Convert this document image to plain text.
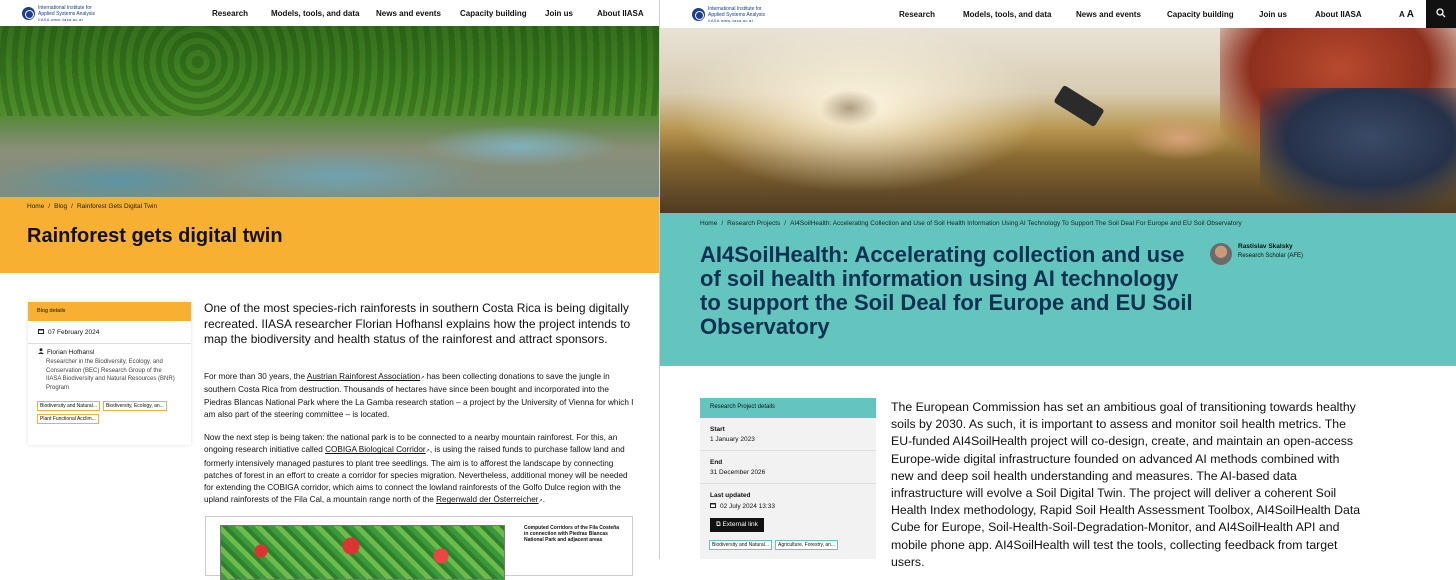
International Institute for
Applied Systems Analysis
IIASA www.iiasa.ac.at
Research	Models, tools, and data News and events Capacity building Join us	About IIASA
Home / Blog / Rainforest Gets Digital Twin
Rainforest gets digital twin
Blog details
07 February 2024
Florian Hofhansl
Researcher in the Biodiversity, Ecology, and Conservation (BEC) Research Group of the IIASA Biodiversity and Natural Resources (BNR) Program
Biodiversity and Natural...	Biodiversity, Ecology, an...
Plant Functional Acclim...
One of the most species-rich rainforests in southern Costa Rica is being digitally recreated. IIASA researcher Florian Hofhansl explains how the project intends to map the biodiversity and health status of the rainforest and attract sponsors.
For more than 30 years, the Austrian Rainforest Association↗ has been collecting donations to save the jungle in southern Costa Rica from destruction. Thousands of hectares have since been bought and incorporated into the Piedras Blancas National Park where the La Gamba research station – a project by the University of Vienna for which I am also part of the steering committee – is located.
Now the next step is being taken: the national park is to be connected to a nearby mountain rainforest. For this, an ongoing research initiative called COBIGA Biological Corridor↗, is using the raised funds to purchase fallow land and formerly intensively managed pastures to plant tree seedlings. The aim is to afforest the landscape by connecting patches of forest in an effort to create a corridor for species migration. Nevertheless, additional money will be needed for extending the COBIGA corridor, which aims to connect the lowland rainforests of the Golfo Dulce region with the upland rainforests of the Fila Cal, a mountain range north of the Regenwald der Österreicher↗.
Computed Corridors of the Fila Costeña in connection with Piedras Blancas National Park and adjacent areas
International Institute for
Applied Systems Analysis
IIASA www.iiasa.ac.at
Research	Models, tools, and data	News and events	Capacity building	Join us	About IIASA	A A
Home / Research Projects / AI4SoilHealth: Accelerating Collection and Use of Soil Health Information Using AI Technology To Support The Soil Deal For Europe and EU Soil Observatory
AI4SoilHealth: Accelerating collection and use of soil health information using AI technology to support the Soil Deal for Europe and EU Soil Observatory
Rastislav Skalsky
Research Scholar (AFE)
Research Project details
Start
1 January 2023
End
31 December 2026
Last updated
02 July 2024 13:33
⧉ External link
Biodiversity and Natural...	Agriculture, Forestry, an...
The European Commission has set an ambitious goal of transitioning towards healthy soils by 2030. As such, it is important to assess and monitor soil health metrics. The EU-funded AI4SoilHealth project will co-design, create, and maintain an open-access Europe-wide digital infrastructure founded on advanced AI methods combined with new and deep soil health understanding and measures. The AI-based data infrastructure will evolve a Soil Digital Twin. The project will deliver a coherent Soil Health Index methodology, Rapid Soil Health Assessment Toolbox, AI4SoilHealth Data Cube for Europe, Soil-Health-Soil-Degradation-Monitor, and AI4SoilHealth API and mobile phone app. AI4SoilHealth will test the tools, collecting feedback from target users.
